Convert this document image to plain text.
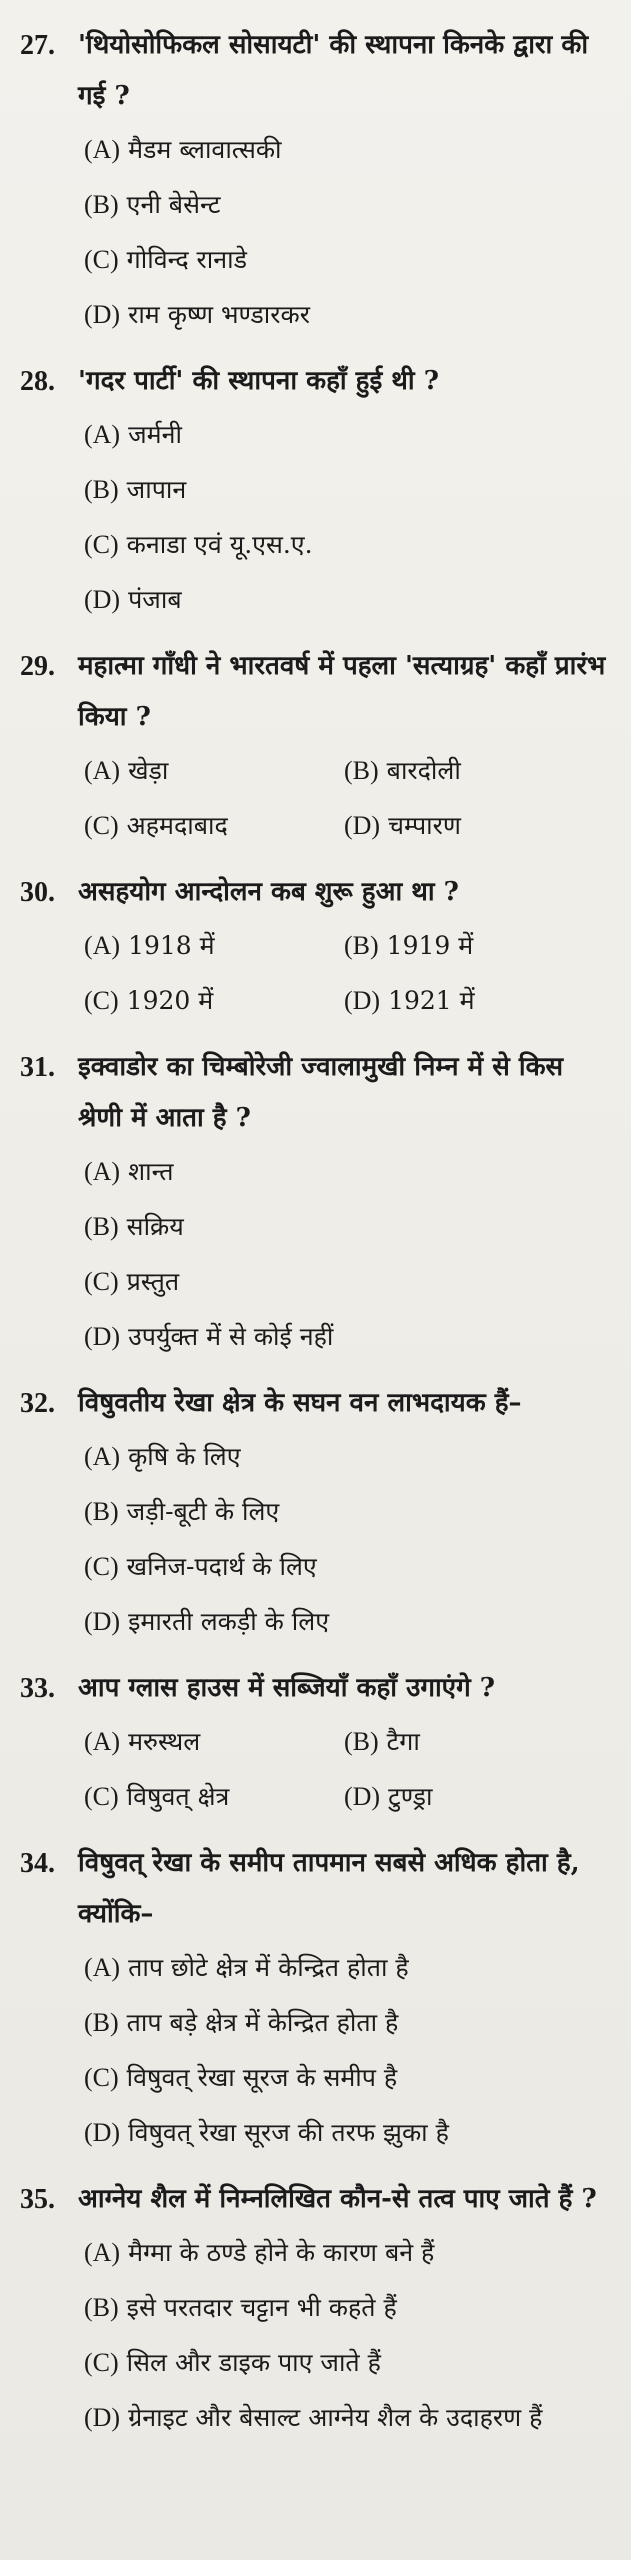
27. 'थियोसोफिकल सोसायटी' की स्थापना किनके द्वारा की गई ?
(A) मैडम ब्लावात्सकी
(B) एनी बेसेन्ट
(C) गोविन्द रानाडे
(D) राम कृष्ण भण्डारकर
28. 'गदर पार्टी' की स्थापना कहाँ हुई थी ?
(A) जर्मनी
(B) जापान
(C) कनाडा एवं यू.एस.ए.
(D) पंजाब
29. महात्मा गाँधी ने भारतवर्ष में पहला 'सत्याग्रह' कहाँ प्रारंभ किया ?
(A) खेड़ा	(B) बारदोली
(C) अहमदाबाद	(D) चम्पारण
30. असहयोग आन्दोलन कब शुरू हुआ था ?
(A) 1918 में	(B) 1919 में
(C) 1920 में	(D) 1921 में
31. इक्वाडोर का चिम्बोरेजी ज्वालामुखी निम्न में से किस श्रेणी में आता है ?
(A) शान्त
(B) सक्रिय
(C) प्रस्तुत
(D) उपर्युक्त में से कोई नहीं
32. विषुवतीय रेखा क्षेत्र के सघन वन लाभदायक हैं–
(A) कृषि के लिए
(B) जड़ी-बूटी के लिए
(C) खनिज-पदार्थ के लिए
(D) इमारती लकड़ी के लिए
33. आप ग्लास हाउस में सब्जियाँ कहाँ उगाएंगे ?
(A) मरुस्थल	(B) टैगा
(C) विषुवत् क्षेत्र	(D) टुण्ड्रा
34. विषुवत् रेखा के समीप तापमान सबसे अधिक होता है, क्योंकि–
(A) ताप छोटे क्षेत्र में केन्द्रित होता है
(B) ताप बड़े क्षेत्र में केन्द्रित होता है
(C) विषुवत् रेखा सूरज के समीप है
(D) विषुवत् रेखा सूरज की तरफ झुका है
35. आग्नेय शैल में निम्नलिखित कौन-से तत्व पाए जाते हैं ?
(A) मैग्मा के ठण्डे होने के कारण बने हैं
(B) इसे परतदार चट्टान भी कहते हैं
(C) सिल और डाइक पाए जाते हैं
(D) ग्रेनाइट और बेसाल्ट आग्नेय शैल के उदाहरण हैं
